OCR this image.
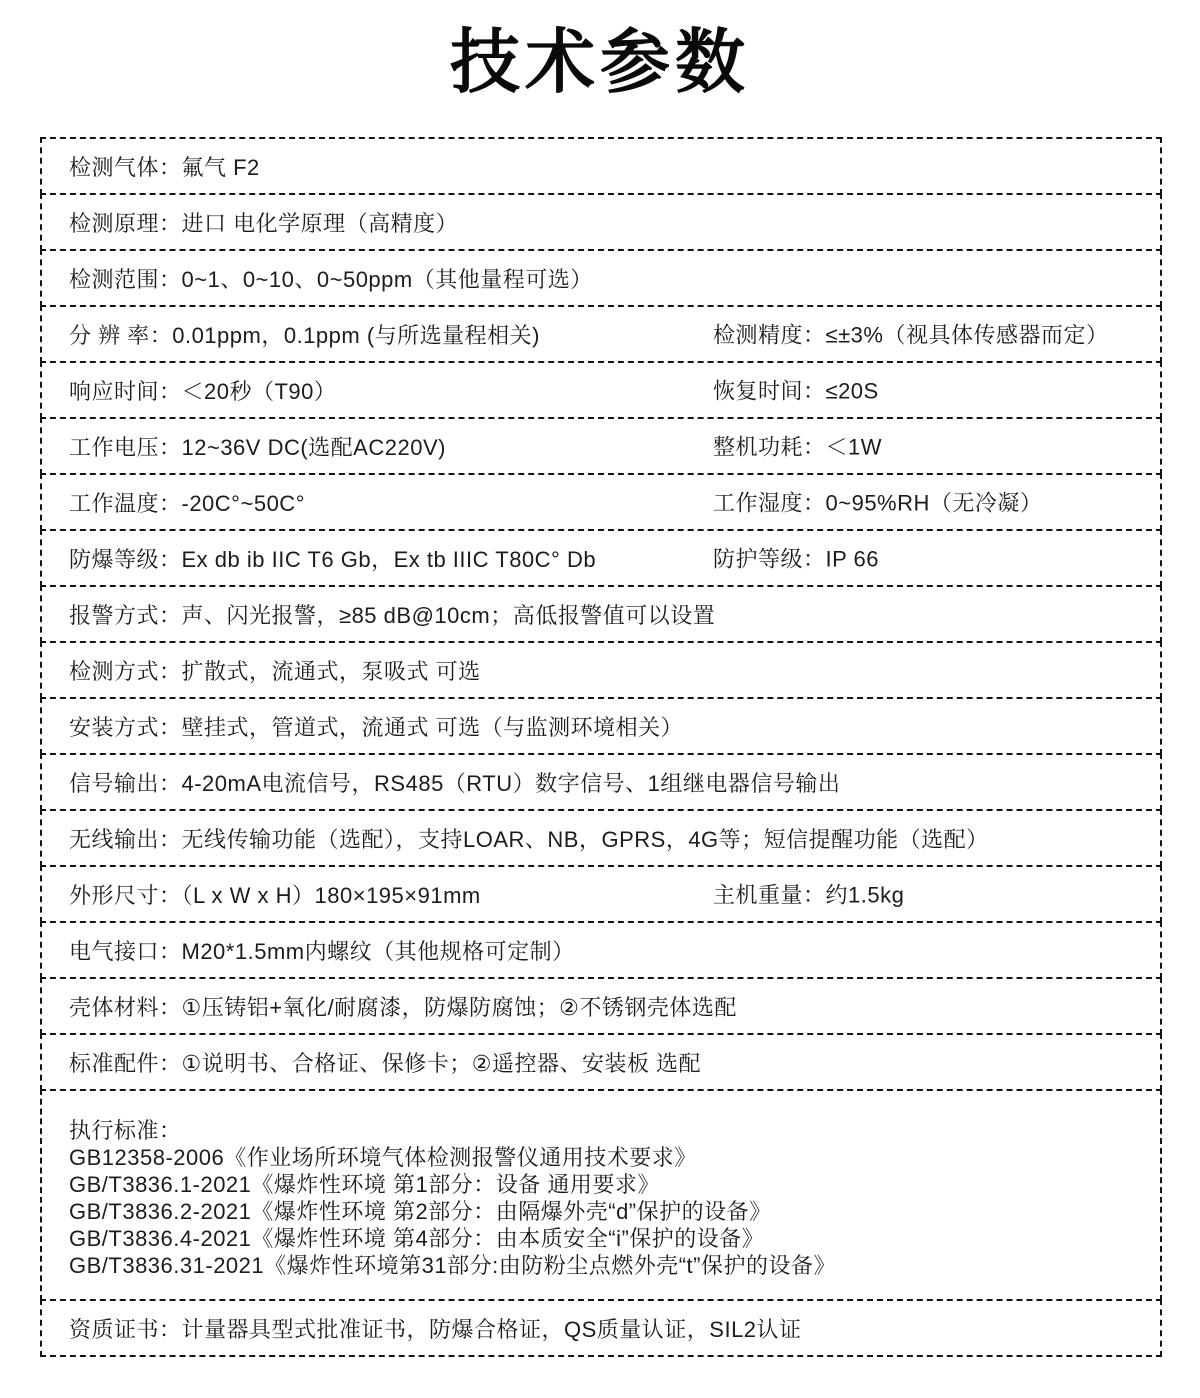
技术参数
检测气体：氟气 F2
检测原理：进口 电化学原理（高精度）
检测范围：0~1、0~10、0~50ppm（其他量程可选）
分 辨 率：0.01ppm，0.1ppm (与所选量程相关)	检测精度：≤±3%（视具体传感器而定）
响应时间：＜20秒（T90）	恢复时间：≤20S
工作电压：12~36V DC(选配AC220V)	整机功耗：＜1W
工作温度：-20C°~50C°	工作湿度：0~95%RH（无冷凝）
防爆等级：Ex db ib IIC T6 Gb，Ex tb IIIC T80C° Db	防护等级：IP 66
报警方式：声、闪光报警，≥85 dB@10cm；高低报警值可以设置
检测方式：扩散式，流通式，泵吸式 可选
安装方式：壁挂式，管道式，流通式 可选（与监测环境相关）
信号输出：4-20mA电流信号，RS485（RTU）数字信号、1组继电器信号输出
无线输出：无线传输功能（选配），支持LOAR、NB，GPRS，4G等；短信提醒功能（选配）
外形尺寸：（L x W x H）180×195×91mm	主机重量：约1.5kg
电气接口：M20*1.5mm内螺纹（其他规格可定制）
壳体材料：①压铸铝+氧化/耐腐漆，防爆防腐蚀；②不锈钢壳体选配
标准配件：①说明书、合格证、保修卡；②遥控器、安装板 选配
执行标准：
GB12358-2006《作业场所环境气体检测报警仪通用技术要求》
GB/T3836.1-2021《爆炸性环境 第1部分：设备 通用要求》
GB/T3836.2-2021《爆炸性环境 第2部分：由隔爆外壳“d”保护的设备》
GB/T3836.4-2021《爆炸性环境 第4部分：由本质安全“i”保护的设备》
GB/T3836.31-2021《爆炸性环境第31部分:由防粉尘点燃外壳“t”保护的设备》
资质证书：计量器具型式批准证书，防爆合格证，QS质量认证，SIL2认证
